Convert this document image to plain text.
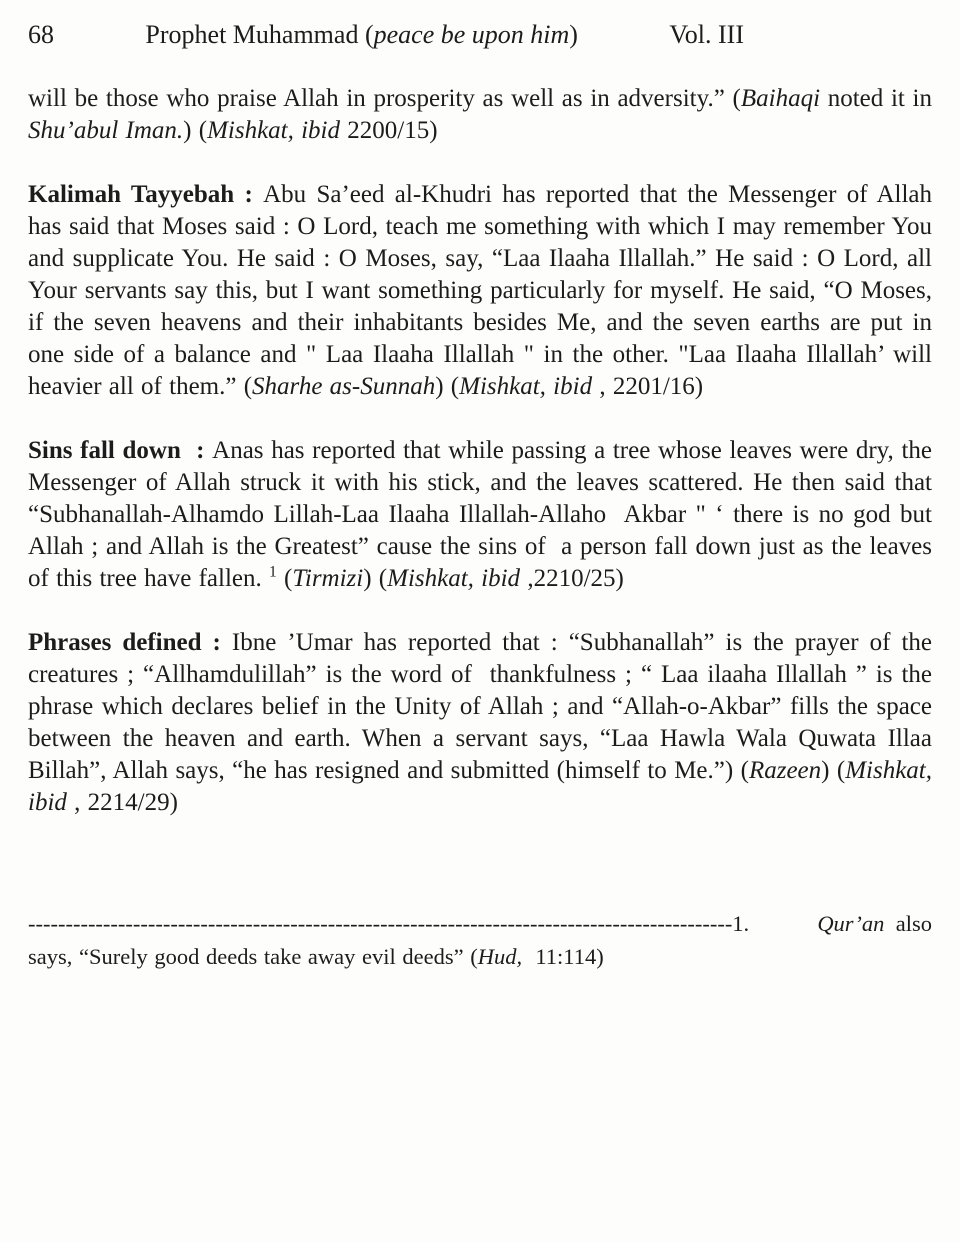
68	Prophet Muhammad (peace be upon him)	Vol. III

will be those who praise Allah in prosperity as well as in adversity.” (Baihaqi noted it in Shu’abul Iman.) (Mishkat, ibid 2200/15)

Kalimah Tayyebah : Abu Sa’eed al-Khudri has reported that the Messenger of Allah has said that Moses said : O Lord, teach me something with which I may remember You and supplicate You. He said : O Moses, say, “Laa Ilaaha Illallah.” He said : O Lord, all Your servants say this, but I want something particularly for myself. He said, “O Moses, if the seven heavens and their inhabitants besides Me, and the seven earths are put in one side of a balance and " Laa Ilaaha Illallah " in the other. "Laa Ilaaha Illallah’ will heavier all of them.” (Sharhe as-Sunnah) (Mishkat, ibid , 2201/16)

Sins fall down  : Anas has reported that while passing a tree whose leaves were dry, the Messenger of Allah struck it with his stick, and the leaves scattered. He then said that “Subhanallah-Alhamdo Lillah-Laa Ilaaha Illallah-Allaho  Akbar " ‘ there is no god but Allah ; and Allah is the Greatest” cause the sins of  a person fall down just as the leaves of this tree have fallen. $^1$ (Tirmizi) (Mishkat, ibid ,2210/25)

Phrases defined : Ibne ’Umar has reported that : “Subhanallah” is the prayer of the creatures ; “Allhamdulillah” is the word of  thankfulness ; “ Laa ilaaha Illallah ” is the phrase which declares belief in the Unity of Allah ; and “Allah-o-Akbar” fills the space between the heaven and earth. When a servant says, “Laa Hawla Wala Quwata Illaa Billah”, Allah says, “he has resigned and submitted (himself to Me.”) (Razeen) (Mishkat, ibid , 2214/29)

----------------------------------------------------------------------------------------------1.	Qur’an also says, “Surely good deeds take away evil deeds” (Hud,  11:114)
